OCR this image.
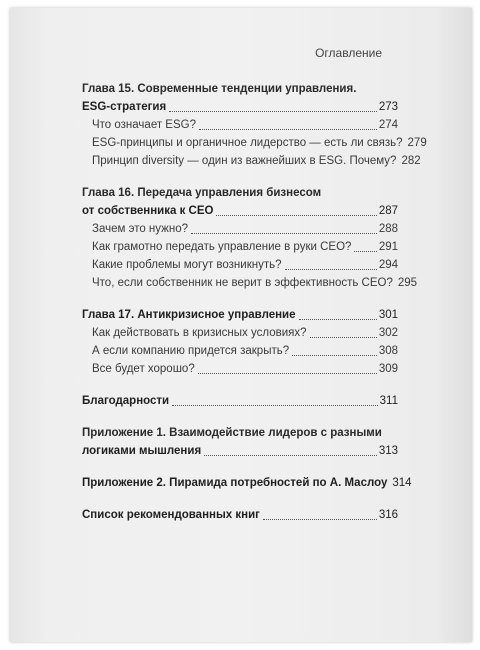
Оглавление
Глава 15. Современные тенденции управления.
ESG-стратегия	273
Что означает ESG?	274
ESG-принципы и органичное лидерство — есть ли связь? 279
Принцип diversity — один из важнейших в ESG. Почему? 282
Глава 16. Передача управления бизнесом
от собственника к CEO	287
Зачем это нужно?	288
Как грамотно передать управление в руки CEO? 291
Какие проблемы могут возникнуть?	294
Что, если собственник не верит в эффективность CEO? 295
Глава 17. Антикризисное управление	301
Как действовать в кризисных условиях?	302
А если компанию придется закрыть?	308
Все будет хорошо?	309
Благодарности	311
Приложение 1. Взаимодействие лидеров с разными
логиками мышления	313
Приложение 2. Пирамида потребностей по А. Маслоу 314
Список рекомендованных книг	316
